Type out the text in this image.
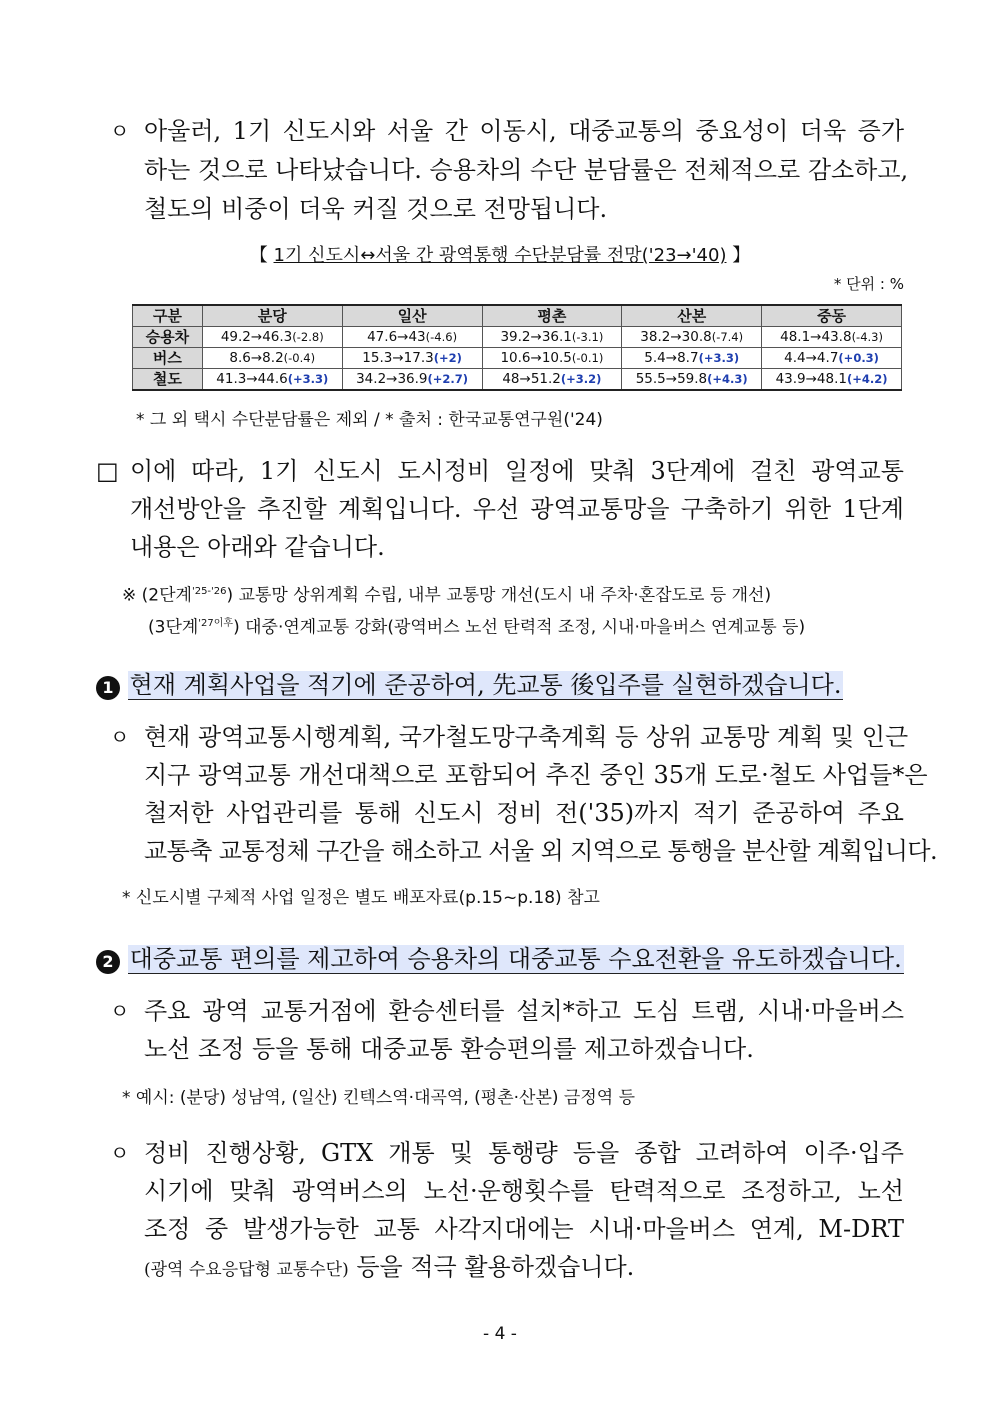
ㅇ 아울러, 1기 신도시와 서울 간 이동시, 대중교통의 중요성이 더욱 증가
하는 것으로 나타났습니다. 승용차의 수단 분담률은 전체적으로 감소하고,
철도의 비중이 더욱 커질 것으로 전망됩니다.
【 1기 신도시↔서울 간 광역통행 수단분담률 전망('23→'40) 】
* 단위 : %
구분	분당	일산	평촌	산본	중동
승용차	49.2→46.3(-2.8)	47.6→43(-4.6)	39.2→36.1(-3.1)	38.2→30.8(-7.4)	48.1→43.8(-4.3)
버스	8.6→8.2(-0.4)	15.3→17.3(+2)	10.6→10.5(-0.1)	5.4→8.7(+3.3)	4.4→4.7(+0.3)
철도	41.3→44.6(+3.3)	34.2→36.9(+2.7)	48→51.2(+3.2)	55.5→59.8(+4.3)	43.9→48.1(+4.2)
* 그 외 택시 수단분담률은 제외 / * 출처 : 한국교통연구원('24)
□ 이에 따라, 1기 신도시 도시정비 일정에 맞춰 3단계에 걸친 광역교통
개선방안을 추진할 계획입니다. 우선 광역교통망을 구축하기 위한 1단계
내용은 아래와 같습니다.
※ (2단계$^{'25-'26}$) 교통망 상위계획 수립, 내부 교통망 개선(도시 내 주차·혼잡도로 등 개선)
(3단계$^{'27이후}$) 대중·연계교통 강화(광역버스 노선 탄력적 조정, 시내·마을버스 연계교통 등)
1 현재 계획사업을 적기에 준공하여, 先교통 後입주를 실현하겠습니다.
ㅇ 현재 광역교통시행계획, 국가철도망구축계획 등 상위 교통망 계획 및 인근
지구 광역교통 개선대책으로 포함되어 추진 중인 35개 도로·철도 사업들*은
철저한 사업관리를 통해 신도시 정비 전('35)까지 적기 준공하여 주요
교통축 교통정체 구간을 해소하고 서울 외 지역으로 통행을 분산할 계획입니다.
* 신도시별 구체적 사업 일정은 별도 배포자료(p.15~p.18) 참고
2 대중교통 편의를 제고하여 승용차의 대중교통 수요전환을 유도하겠습니다.
ㅇ 주요 광역 교통거점에 환승센터를 설치*하고 도심 트램, 시내·마을버스
노선 조정 등을 통해 대중교통 환승편의를 제고하겠습니다.
* 예시: (분당) 성남역, (일산) 킨텍스역·대곡역, (평촌·산본) 금정역 등
ㅇ 정비 진행상황, GTX 개통 및 통행량 등을 종합 고려하여 이주·입주
시기에 맞춰 광역버스의 노선·운행횟수를 탄력적으로 조정하고, 노선
조정 중 발생가능한 교통 사각지대에는 시내·마을버스 연계, M-DRT
(광역 수요응답형 교통수단) 등을 적극 활용하겠습니다.
- 4 -
